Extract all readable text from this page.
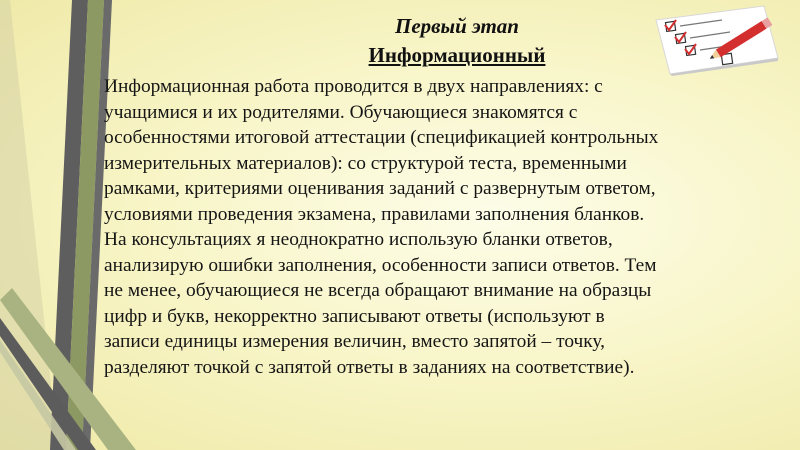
Первый этап
Информационный

Информационная работа проводится в двух направлениях: с
учащимися и их родителями. Обучающиеся знакомятся с
особенностями итоговой аттестации (спецификацией контрольных
измерительных материалов): со структурой теста, временными
рамками, критериями оценивания заданий с развернутым ответом,
условиями проведения экзамена, правилами заполнения бланков.
На консультациях я неоднократно использую бланки ответов,
анализирую ошибки заполнения, особенности записи ответов. Тем
не менее, обучающиеся не всегда обращают внимание на образцы
цифр и букв, некорректно записывают ответы (используют в
записи единицы измерения величин, вместо запятой – точку,
разделяют точкой с запятой ответы в заданиях на соответствие).
